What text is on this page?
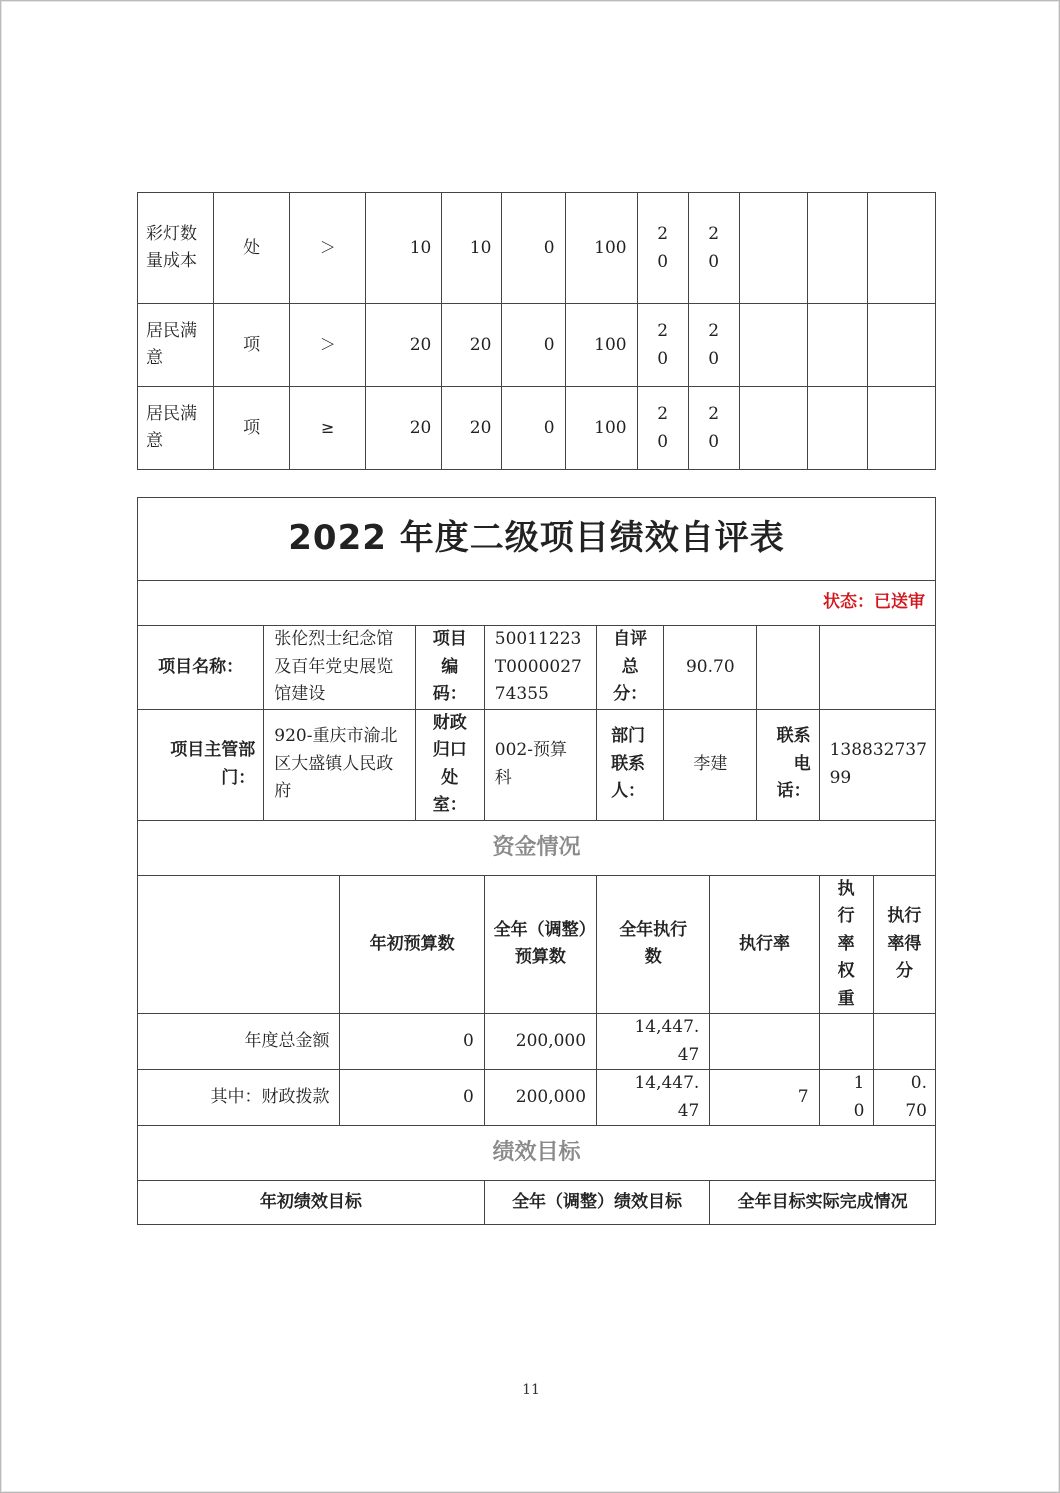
彩灯数量成本	处	＞	10	10	0	100	20	20			
居民满意	项	＞	20	20	0	100	20	20			
居民满意	项	≥	20	20	0	100	20	20			
2022 年度二级项目绩效自评表										
状态：已送审										
项目名称：	张伦烈士纪念馆及百年党史展览馆建设		项目编码：	50011223T000002774355	自评总分：	90.70				
项目主管部门：	920-重庆市渝北区大盛镇人民政府		财政归口处室：	002-预算科	部门联系人：	李建		联系电话：	13883273799	
资金情况										
		年初预算数		全年（调整）预算数	全年执行数		执行率		执行率权重	执行率得分
年度总金额		0		200,000	14,447.47					
其中：财政拨款		0		200,000	14,447.47		7		10	0.70
绩效目标										
年初绩效目标				全年（调整）绩效目标			全年目标实际完成情况			
11
